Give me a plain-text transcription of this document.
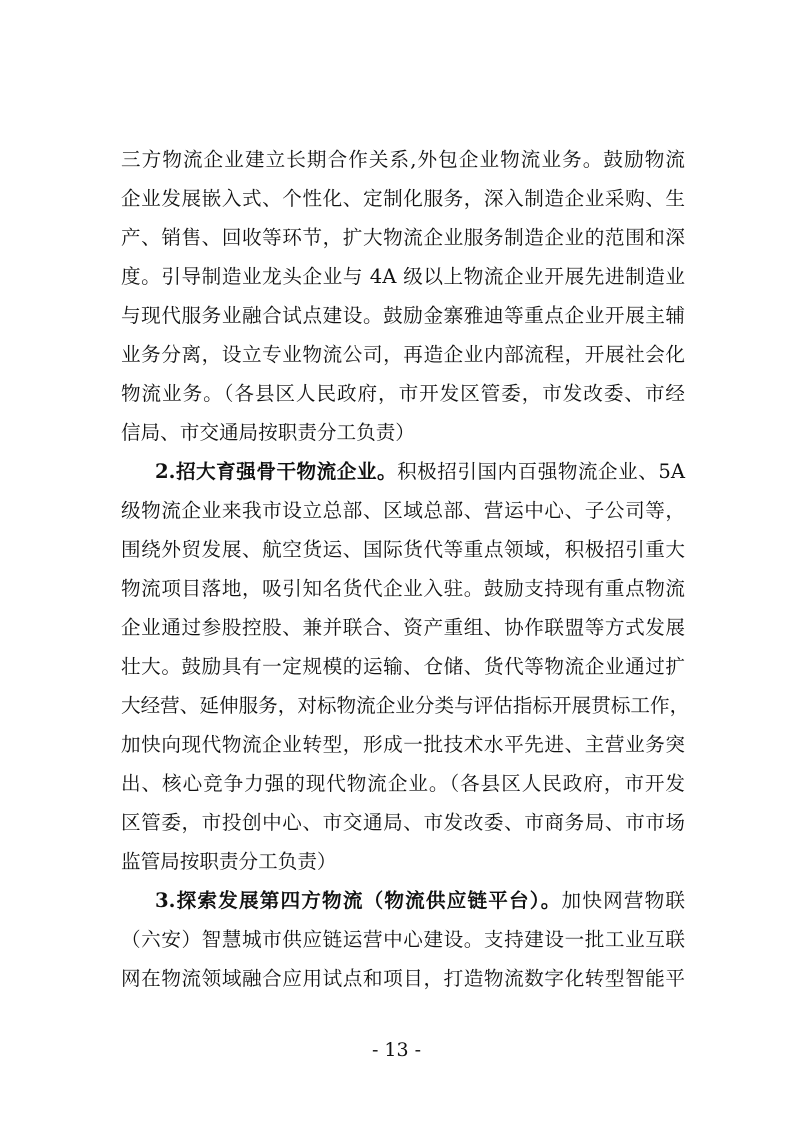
三方物流企业建立长期合作关系,外包企业物流业务。鼓励物流
企业发展嵌入式、个性化、定制化服务，深入制造企业采购、生
产、销售、回收等环节，扩大物流企业服务制造企业的范围和深
度。引导制造业龙头企业与 4A 级以上物流企业开展先进制造业
与现代服务业融合试点建设。鼓励金寨雅迪等重点企业开展主辅
业务分离，设立专业物流公司，再造企业内部流程，开展社会化
物流业务。（各县区人民政府，市开发区管委，市发改委、市经
信局、市交通局按职责分工负责）
2.招大育强骨干物流企业。积极招引国内百强物流企业、5A
级物流企业来我市设立总部、区域总部、营运中心、子公司等，
围绕外贸发展、航空货运、国际货代等重点领域，积极招引重大
物流项目落地，吸引知名货代企业入驻。鼓励支持现有重点物流
企业通过参股控股、兼并联合、资产重组、协作联盟等方式发展
壮大。鼓励具有一定规模的运输、仓储、货代等物流企业通过扩
大经营、延伸服务，对标物流企业分类与评估指标开展贯标工作，
加快向现代物流企业转型，形成一批技术水平先进、主营业务突
出、核心竞争力强的现代物流企业。（各县区人民政府，市开发
区管委，市投创中心、市交通局、市发改委、市商务局、市市场
监管局按职责分工负责）
3.探索发展第四方物流（物流供应链平台）。加快网营物联
（六安）智慧城市供应链运营中心建设。支持建设一批工业互联
网在物流领域融合应用试点和项目，打造物流数字化转型智能平
- 13 -
